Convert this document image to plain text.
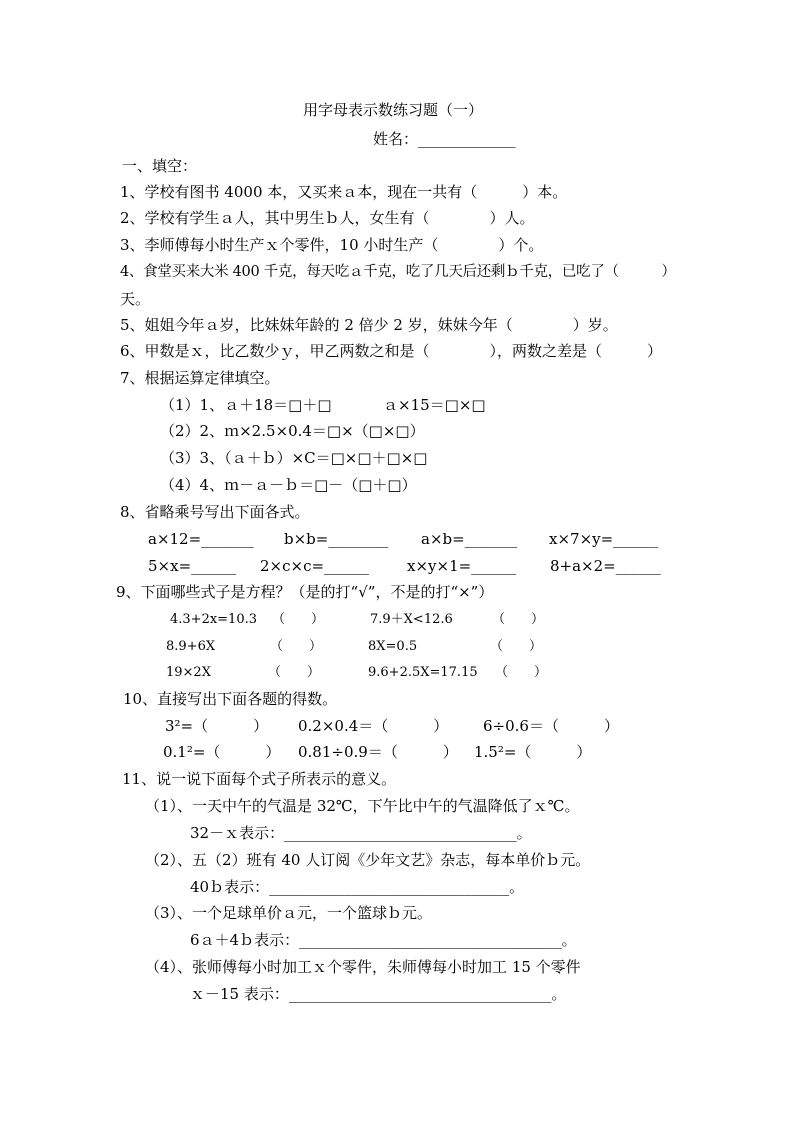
用字母表示数练习题（一）
姓名：_____________
一、填空：
1、学校有图书 4000 本，又买来ａ本，现在一共有（　　　）本。
2、学校有学生ａ人，其中男生ｂ人，女生有（　　　　）人。
3、李师傅每小时生产ｘ个零件，10 小时生产（　　　　）个。
4、食堂买来大米 400 千克，每天吃ａ千克，吃了几天后还剩ｂ千克，已吃了（　　　）
天。
5、姐姐今年ａ岁，比妹妹年龄的 2 倍少 2 岁，妹妹今年（　　　　）岁。
6、甲数是ｘ，比乙数少ｙ，甲乙两数之和是（　　　　），两数之差是（　　　）
7、根据运算定律填空。
（1）1、ａ＋18＝□＋□	ａ×15＝□×□
（2）2、ｍ×2.5×0.4＝□×（□×□）
（3）3、（ａ＋ｂ）×C＝□×□＋□×□
（4）4、ｍ－ａ－ｂ＝□－（□＋□）
8、省略乘号写出下面各式。
a×12=_______ b×b=________ a×b=_______ x×7×y=______
5×x=______ 2×c×c=______	x×y×1=______ 8+a×2=______
9、下面哪些式子是方程？（是的打“√”，不是的打“×”）
4.3+2x=10.3 （　　）	7.9＋X<12.6	（　　）
8.9+6X	（　　）	8X=0.5	（　　）
19×2X	（　　）	9.6+2.5X=17.15 （　　）
10、直接写出下面各题的得数。
3²=（　　　） 0.2×0.4＝（　　　） 6÷0.6＝（　　　）
0.1²=（　　　） 0.81÷0.9＝（　　　） 1.5²=（　　　）
11、说一说下面每个式子所表示的意义。
（1）、一天中午的气温是 32℃，下午比中午的气温降低了ｘ℃。
32－ｘ表示：_______________________________。
（2）、五（2）班有 40 人订阅《少年文艺》杂志，每本单价ｂ元。
40ｂ表示：________________________________。
（3）、一个足球单价ａ元，一个篮球ｂ元。
6ａ＋4ｂ表示：___________________________________。
（4）、张师傅每小时加工ｘ个零件，朱师傅每小时加工 15 个零件
ｘ－15 表示：___________________________________。
